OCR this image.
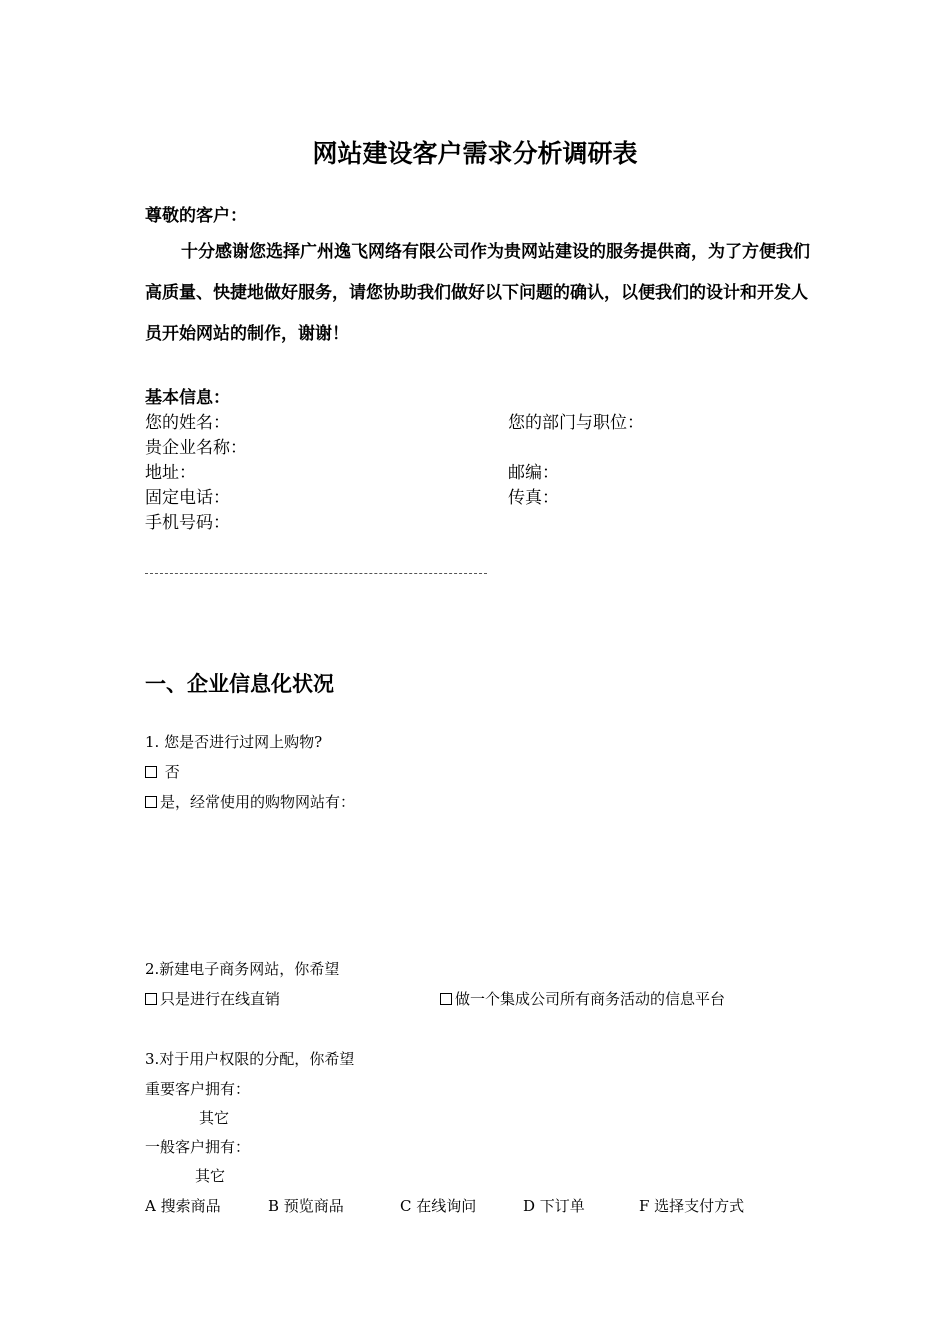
网站建设客户需求分析调研表
尊敬的客户：
十分感谢您选择广州逸飞网络有限公司作为贵网站建设的服务提供商，为了方便我们高质量、快捷地做好服务，请您协助我们做好以下问题的确认，以便我们的设计和开发人员开始网站的制作，谢谢！
基本信息：
您的姓名：	您的部门与职位：
贵企业名称：
地址：	邮编：
固定电话：	传真：
手机号码：
一、企业信息化状况
1. 您是否进行过网上购物?
否
是，经常使用的购物网站有：
2.新建电子商务网站，你希望
只是进行在线直销	做一个集成公司所有商务活动的信息平台
3.对于用户权限的分配，你希望
重要客户拥有：
其它
一般客户拥有：
其它
A 搜索商品	B 预览商品	C 在线询问	D 下订单	F 选择支付方式
